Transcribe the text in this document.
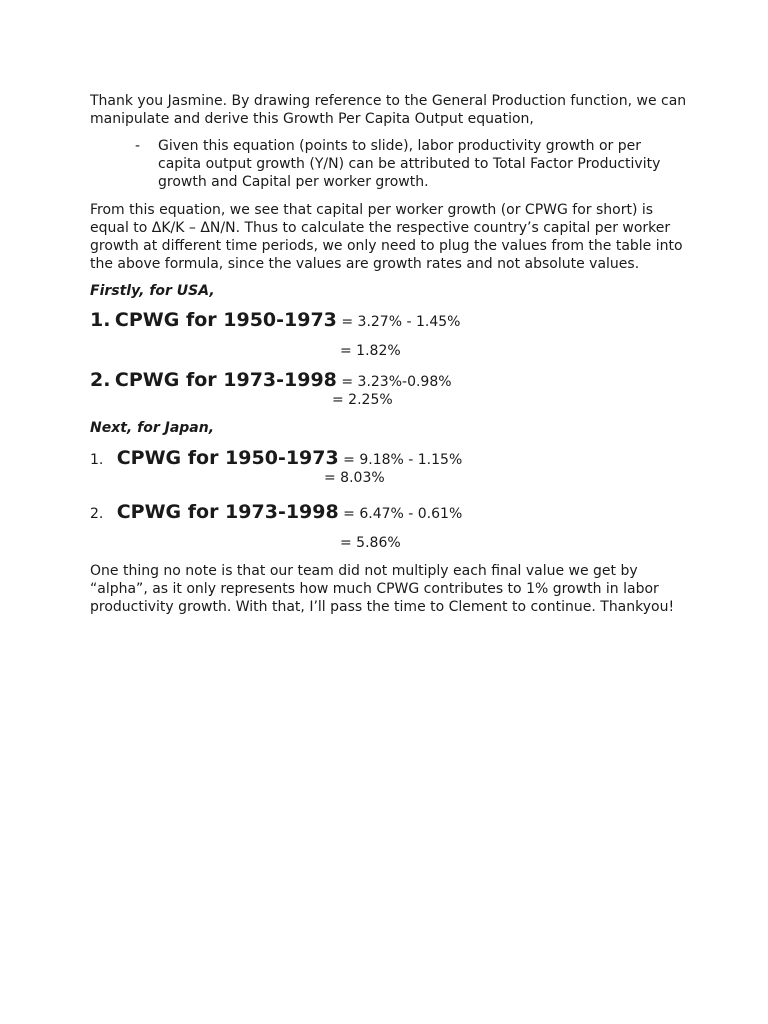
Thank you Jasmine. By drawing reference to the General Production function, we can manipulate and derive this Growth Per Capita Output equation,

- Given this equation (points to slide), labor productivity growth or per capita output growth (Y/N) can be attributed to Total Factor Productivity growth and Capital per worker growth.

From this equation, we see that capital per worker growth (or CPWG for short) is equal to ΔK/K – ΔN/N. Thus to calculate the respective country’s capital per worker growth at different time periods, we only need to plug the values from the table into the above formula, since the values are growth rates and not absolute values.

Firstly, for USA,
1. CPWG for 1950-1973 = 3.27% - 1.45%
= 1.82%
2. CPWG for 1973-1998 = 3.23%-0.98%
= 2.25%
Next, for Japan,
1. CPWG for 1950-1973 = 9.18% - 1.15%
= 8.03%
2. CPWG for 1973-1998 = 6.47% - 0.61%
= 5.86%

One thing no note is that our team did not multiply each final value we get by “alpha”, as it only represents how much CPWG contributes to 1% growth in labor productivity growth. With that, I’ll pass the time to Clement to continue. Thankyou!
